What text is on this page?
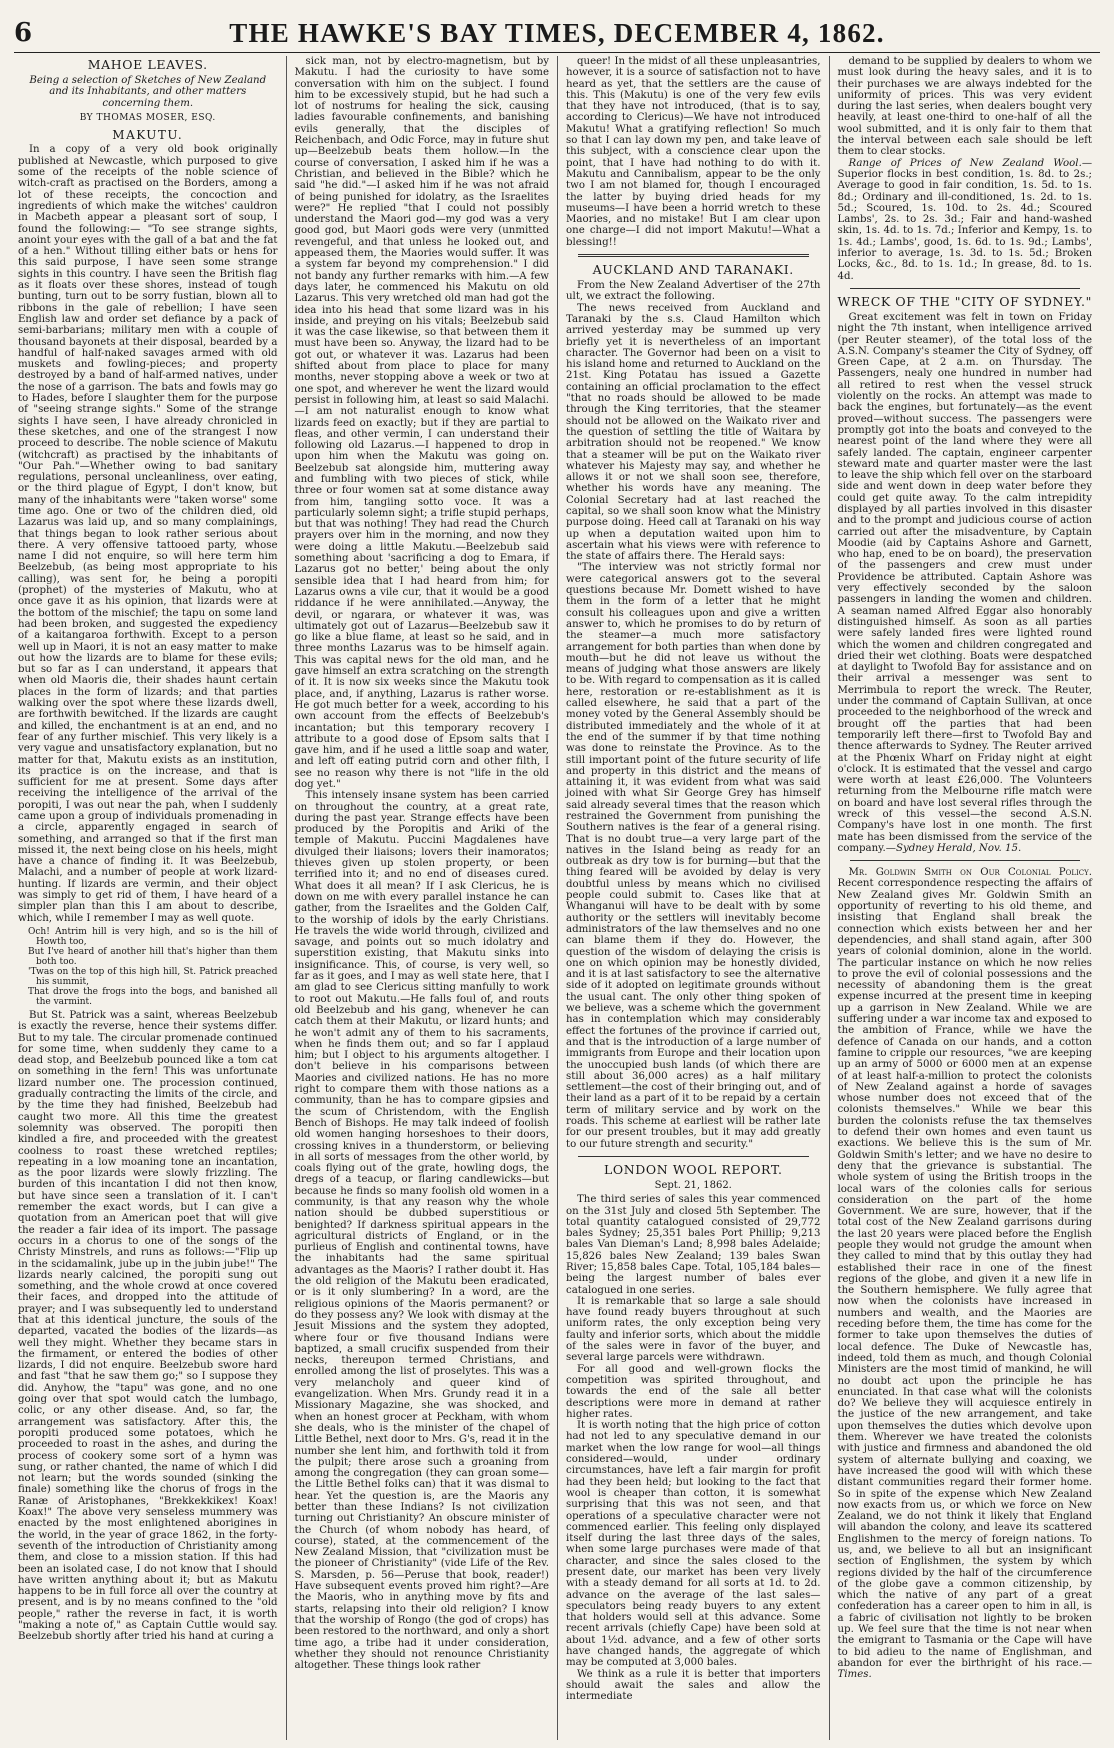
6	THE HAWKE'S BAY TIMES, DECEMBER 4, 1862.
MAHOE LEAVES.
Being a selection of Sketches of New Zealand and its Inhabitants, and other matters concerning them.
BY THOMAS MOSER, ESQ.
MAKUTU.

In a copy of a very old book originally published at Newcastle, which purposed to give some of the receipts of the noble science of witch-craft as practised on the Borders, among a lot of these receipts, the concoction and ingredients of which make the witches' cauldron in Macbeth appear a pleasant sort of soup, I found the following:— "To see strange sights, anoint your eyes with the gall of a bat and the fat of a hen." Without tilling either bats or hens for this said purpose, I have seen some strange sights in this country. I have seen the British flag as it floats over these shores, instead of tough bunting, turn out to be sorry fustian, blown all to ribbons in the gale of rebellion; I have seen English law and order set defiance by a pack of semi-barbarians; military men with a couple of thousand bayonets at their disposal, bearded by a handful of half-naked savages armed with old muskets and fowling-pieces; and property destroyed by a band of half-armed natives, under the nose of a garrison. The bats and fowls may go to Hades, before I slaughter them for the purpose of "seeing strange sights." Some of the strange sights I have seen, I have already chronicled in these sketches, and one of the strangest I now proceed to describe. The noble science of Makutu (witchcraft) as practised by the inhabitants of "Our Pah."—Whether owing to bad sanitary regulations, personal uncleanliness, over eating, or the third plague of Egypt, I don't know, but many of the inhabitants were "taken worse" some time ago. One or two of the children died, old Lazarus was laid up, and so many complainings, that things began to look rather serious about there. A very offensive tattooed party, whose name I did not enquire, so will here term him Beelzebub, (as being most appropriate to his calling), was sent for, he being a poropiti (prophet) of the mysteries of Makutu, who at once gave it as his opinion, that lizards were at the bottom of the mischief; the tapu on some land had been broken, and suggested the expediency of a kaitangaroa forthwith. Except to a person well up in Maori, it is not an easy matter to make out how the lizards are to blame for these evils; but so far as I can understand, it appears that when old Maoris die, their shades haunt certain places in the form of lizards; and that parties walking over the spot where these lizards dwell, are forthwith bewitched. If the lizards are caught and killed, the enchantment is at an end, and no fear of any further mischief. This very likely is a very vague and unsatisfactory explanation, but no matter for that, Makutu exists as an institution, its practice is on the increase, and that is sufficient for me at present. Some days after receiving the intelligence of the arrival of the poropiti, I was out near the pah, when I suddenly came upon a group of individuals promenading in a circle, apparently engaged in search of something, and arranged so that if the first man missed it, the next being close on his heels, might have a chance of finding it. It was Beelzebub, Malachi, and a number of people at work lizard-hunting. If lizards are vermin, and their object was simply to get rid of them, I have heard of a simpler plan than this I am about to describe, which, while I remember I may as well quote.

Och! Antrim hill is very high, and so is the hill of Howth too,
But I've heard of another hill that's higher than them both too.
'Twas on the top of this high hill, St. Patrick preached his summit,
That drove the frogs into the bogs, and banished all the varmint.

But St. Patrick was a saint, whereas Beelzebub is exactly the reverse, hence their systems differ. But to my tale. The circular promenade continued for some time, when suddenly they came to a dead stop, and Beelzebub pounced like a tom cat on something in the fern! This was unfortunate lizard number one. The procession continued, gradually contracting the limits of the circle, and by the time they had finished, Beelzebub had caught two more. All this time the greatest solemnity was observed. The poropiti then kindled a fire, and proceeded with the greatest coolness to roast these wretched reptiles; repeating in a low moaning tone an incantation, as the poor lizards were slowly frizzling. The burden of this incantation I did not then know, but have since seen a translation of it. I can't remember the exact words, but I can give a quotation from an American poet that will give the reader a fair idea of its import. The passage occurs in a chorus to one of the songs of the Christy Minstrels, and runs as follows:—"Flip up in the scidamalink, jube up in the jubin jube!" The lizards nearly calcined, the poropiti sung out something, and the whole crowd at once covered their faces, and dropped into the attitude of prayer; and I was subsequently led to understand that at this identical juncture, the souls of the departed, vacated the bodies of the lizards—as well they might. Whether they became stars in the firmament, or entered the bodies of other lizards, I did not enquire. Beelzebub swore hard and fast "that he saw them go;" so I suppose they did. Anyhow, the "tapu" was gone, and no one going over that spot would catch the lumbago, colic, or any other disease. And, so far, the arrangement was satisfactory. After this, the poropiti produced some potatoes, which he proceeded to roast in the ashes, and during the process of cookery some sort of a hymn was sung, or rather chanted, the name of which I did not learn; but the words sounded (sinking the finale) something like the chorus of frogs in the Ranæ of Aristophanes, "Brekkekkikex! Koax! Koax!" The above very senseless mummery was enacted by the most enlightened aborigines in the world, in the year of grace 1862, in the forty-seventh of the introduction of Christianity among them, and close to a mission station. If this had been an isolated case, I do not know that I should have written anything about it; but as Makutu happens to be in full force all over the country at present, and is by no means confined to the "old people," rather the reverse in fact, it is worth "making a note of," as Captain Cuttle would say. Beelzebub shortly after tried his hand at curing a

sick man, not by electro-magnetism, but by Makutu. I had the curiosity to have some conversation with him on the subject. I found him to be excessively stupid, but he had such a lot of nostrums for healing the sick, causing ladies favourable confinements, and banishing evils generally, that the disciples of Reichenbach, and Odic Force, may in future shut up—Beelzebub beats them hollow.—In the course of conversation, I asked him if he was a Christian, and believed in the Bible? which he said "he did."—I asked him if he was not afraid of being punished for idolatry, as the Israelites were?" He replied "that I could not possibly understand the Maori god—my god was a very good god, but Maori gods were very (unmitted revengeful, and that unless he looked out, and appeased them, the Maories would suffer. It was a system far beyond my comprehension." I did not bandy any further remarks with him.—A few days later, he commenced his Makutu on old Lazarus. This very wretched old man had got the idea into his head that some lizard was in his inside, and preying on his vitals; Beelzebub said it was the case likewise, so that between them it must have been so. Anyway, the lizard had to be got out, or whatever it was. Lazarus had been shifted about from place to place for many months, never stopping above a week or two at one spot, and wherever he went the lizard would persist in following him, at least so said Malachi.—I am not naturalist enough to know what lizards feed on exactly; but if they are partial to fleas, and other vermin, I can understand their following old Lazarus.—I happened to drop in upon him when the Makutu was going on. Beelzebub sat alongside him, muttering away and fumbling with two pieces of stick, while three or four women sat at some distance away from him, tangiing sotto voce. It was a particularly solemn sight; a trifle stupid perhaps, but that was nothing! They had read the Church prayers over him in the morning, and now they were doing a little Makutu.—Beelzebub said something about 'sacrificing a dog to Emara, if Lazarus got no better,' being about the only sensible idea that I had heard from him; for Lazarus owns a vile cur, that it would be a good riddance if he were annihilated.—Anyway, the devil, or ngarara, or whatever it was, was ultimately got out of Lazarus—Beelzebub saw it go like a blue flame, at least so he said, and in three months Lazarus was to be himself again. This was capital news for the old man, and he gave himself an extra scratching on the strength of it. It is now six weeks since the Makutu took place, and, if anything, Lazarus is rather worse. He got much better for a week, according to his own account from the effects of Beelzebub's incantation; but this temporary recovery I attribute to a good dose of Epsom salts that I gave him, and if he used a little soap and water, and left off eating putrid corn and other filth, I see no reason why there is not "life in the old dog yet."

This intensely insane system has been carried on throughout the country, at a great rate, during the past year. Strange effects have been produced by the Poropitis and Ariki of the temple of Makutu. Puccini Magdalenes have divulged their liaisons; lovers their inamoratos; thieves given up stolen property, or been terrified into it; and no end of diseases cured. What does it all mean? If I ask Clericus, he is down on me with every parallel instance he can gather, from the Israelites and the Golden Calf, to the worship of idols by the early Christians. He travels the wide world through, civilized and savage, and points out so much idolatry and superstition existing, that Makutu sinks into insignificance. This, of course, is very well, so far as it goes, and I may as well state here, that I am glad to see Clericus sitting manfully to work to root out Makutu.—He falls foul of, and routs old Beelzebub and his gang, whenever he can catch them at their Makutu, or lizard hunts; and he won't admit any of them to his sacraments, when he finds them out; and so far I applaud him; but I object to his arguments altogether. I don't believe in his comparisons between Maories and civilized nations. He has no more right to compare them with those nations as a community, than he has to compare gipsies and the scum of Christendom, with the English Bench of Bishops. He may talk indeed of foolish old women hanging horseshoes to their doors, crossing knives in a thunderstorm, or believing in all sorts of messages from the other world, by coals flying out of the grate, howling dogs, the dregs of a teacup, or flaring candlewicks—but because he finds so many foolish old women in a community, is that any reason why the whole nation should be dubbed superstitious or benighted? If darkness spiritual appears in the agricultural districts of England, or in the purlieus of English and continental towns, have the inhabitants had the same spiritual advantages as the Maoris? I rather doubt it. Has the old religion of the Makutu been eradicated, or is it only slumbering? In a word, are the religious opinions of the Maoris permanent? or do they possess any? We look with dismay at the Jesuit Missions and the system they adopted, where four or five thousand Indians were baptized, a small crucifix suspended from their necks, thereupon termed Christians, and enrolled among the list of proselytes. This was a very melancholy and queer kind of evangelization. When Mrs. Grundy read it in a Missionary Magazine, she was shocked, and when an honest grocer at Peckham, with whom she deals, who is the minister of the chapel of Little Bethel, next door to Mrs. G's, read it in the number she lent him, and forthwith told it from the pulpit; there arose such a groaning from among the congregation (they can groan some—the Little Bethel folks can) that it was dismal to hear. Yet the question is, are the Maoris any better than these Indians? Is not civilization turning out Christianity? An obscure minister of the Church (of whom nobody has heard, of course), stated, at the commencement of the New Zealand Mission, that "civilization must be the pioneer of Christianity" (vide Life of the Rev. S. Marsden, p. 56—Peruse that book, reader!) Have subsequent events proved him right?—Are the Maoris, who in anything move by fits and starts, relapsing into their old religion? I know that the worship of Rongo (the god of crops) has been restored to the northward, and only a short time ago, a tribe had it under consideration, whether they should not renounce Christianity altogether. These things look rather

queer! In the midst of all these unpleasantries, however, it is a source of satisfaction not to have heard as yet, that the settlers are the cause of this. This (Makutu) is one of the very few evils that they have not introduced, (that is to say, according to Clericus)—We have not introduced Makutu! What a gratifying reflection! So much so that I can lay down my pen, and take leave of this subject, with a conscience clear upon the point, that I have had nothing to do with it. Makutu and Cannibalism, appear to be the only two I am not blamed for, though I encouraged the latter by buying dried heads for my museums—I have been a horrid wretch to these Maories, and no mistake! But I am clear upon one charge—I did not import Makutu!—What a blessing!!

AUCKLAND AND TARANAKI.

From the New Zealand Advertiser of the 27th ult, we extract the following.

The news received from Auckland and Taranaki by the s.s. Claud Hamilton which arrived yesterday may be summed up very briefly yet it is nevertheless of an important character. The Governor had been on a visit to his island home and returned to Auckland on the 21st. King Potatau has issued a Gazette containing an official proclamation to the effect "that no roads should be allowed to be made through the King territories, that the steamer should not be allowed on the Waikato river and the question of settling the title of Waitara by arbitration should not be reopened." We know that a steamer will be put on the Waikato river whatever his Majesty may say, and whether he allows it or not we shall soon see, therefore, whether his words have any meaning. The Colonial Secretary had at last reached the capital, so we shall soon know what the Ministry purpose doing. Heed call at Taranaki on his way up when a deputation waited upon him to ascertain what his views were with reference to the state of affairs there. The Herald says:

"The interview was not strictly formal nor were categorical answers got to the several questions because Mr. Domett wished to have them in the form of a letter that he might consult his colleagues upon and give a written answer to, which he promises to do by return of the steamer—a much more satisfactory arrangement for both parties than when done by mouth—but he did not leave us without the means of judging what those answers are likely to be. With regard to compensation as it is called here, restoration or re-establishment as it is called elsewhere, he said that a part of the money voted by the General Assembly should be distributed immediately and the whole of it at the end of the summer if by that time nothing was done to reinstate the Province. As to the still important point of the future security of life and property in this district and the means of attaining it, it was evident from what was said joined with what Sir George Grey has himself said already several times that the reason which restrained the Government from punishing the Southern natives is the fear of a general rising. That is no doubt true—a very large part of the natives in the Island being as ready for an outbreak as dry tow is for burning—but that the thing feared will be avoided by delay is very doubtful unless by means which no civilised people could submit to. Cases like that at Whanganui will have to be dealt with by some authority or the settlers will inevitably become administrators of the law themselves and no one can blame them if they do. However, the question of the wisdom of delaying the crisis is one on which opinion may be honestly divided, and it is at last satisfactory to see the alternative side of it adopted on legitimate grounds without the usual cant. The only other thing spoken of we believe, was a scheme which the government has in contemplation which may considerably effect the fortunes of the province if carried out, and that is the introduction of a large number of immigrants from Europe and their location upon the unoccupied bush lands (of which there are still about 36,000 acres) as a half military settlement—the cost of their bringing out, and of their land as a part of it to be repaid by a certain term of military service and by work on the roads. This scheme at earliest will be rather late for our present troubles, but it may add greatly to our future strength and security."

LONDON WOOL REPORT.
Sept. 21, 1862.

The third series of sales this year commenced on the 31st July and closed 5th September. The total quantity catalogued consisted of 29,772 bales Sydney; 25,351 bales Port Phillip; 9,213 bales Van Dieman's Land; 8,998 bales Adelaide; 15,826 bales New Zealand; 139 bales Swan River; 15,858 bales Cape. Total, 105,184 bales—being the largest number of bales ever catalogued in one series.

It is remarkable that so large a sale should have found ready buyers throughout at such uniform rates, the only exception being very faulty and inferior sorts, which about the middle of the sales were in favor of the buyer, and several large parcels were withdrawn.

For all good and well-grown flocks the competition was spirited throughout, and towards the end of the sale all better descriptions were more in demand at rather higher rates.

It is worth noting that the high price of cotton had not led to any speculative demand in our market when the low range for wool—all things considered—would, under ordinary circumstances, have left a fair margin for profit had they been held; but looking to the fact that wool is cheaper than cotton, it is somewhat surprising that this was not seen, and that operations of a speculative character were not commenced earlier. This feeling only displayed itself during the last three days of the sales, when some large purchases were made of that character, and since the sales closed to the present date, our market has been very lively with a steady demand for all sorts at 1d. to 2d. advance on the average of the last sales—speculators being ready buyers to any extent that holders would sell at this advance. Some recent arrivals (chiefly Cape) have been sold at about 1½d. advance, and a few of other sorts have changed hands, the aggregate of which may be computed at 3,000 bales.

We think as a rule it is better that importers should await the sales and allow the intermediate

demand to be supplied by dealers to whom we must look during the heavy sales, and it is to their purchases we are always indebted for the uniformity of prices. This was very evident during the last series, when dealers bought very heavily, at least one-third to one-half of all the wool submitted, and it is only fair to them that the interval between each sale should be left them to clear stocks.

Range of Prices of New Zealand Wool.—Superior flocks in best condition, 1s. 8d. to 2s.; Average to good in fair condition, 1s. 5d. to 1s. 8d.; Ordinary and ill-conditioned, 1s. 2d. to 1s. 5d.; Scoured, 1s. 10d. to 2s. 4d.; Scoured Lambs', 2s. to 2s. 3d.; Fair and hand-washed skin, 1s. 4d. to 1s. 7d.; Inferior and Kempy, 1s. to 1s. 4d.; Lambs', good, 1s. 6d. to 1s. 9d.; Lambs', inferior to average, 1s. 3d. to 1s. 5d.; Broken Locks, &c., 8d. to 1s. 1d.; In grease, 8d. to 1s. 4d.

WRECK OF THE "CITY OF SYDNEY."

Great excitement was felt in town on Friday night the 7th instant, when intelligence arrived (per Reuter steamer), of the total loss of the A.S.N. Company's steamer the City of Sydney, off Green Cape, at 2 a.m. on Thursday. The Passengers, nealy one hundred in number had all retired to rest when the vessel struck violently on the rocks. An attempt was made to back the engines, but fortunately—as the event proved—without success. The passengers were promptly got into the boats and conveyed to the nearest point of the land where they were all safely landed. The captain, engineer carpenter steward mate and quarter master were the last to leave the ship which fell over on the starboard side and went down in deep water before they could get quite away. To the calm intrepidity displayed by all parties involved in this disaster and to the prompt and judicious course of action carried out after the misadventure, by Captain Moodie (aid by Captains Ashore and Garnett, who hap, ened to be on board), the preservation of the passengers and crew must under Providence be attributed. Captain Ashore was very effectively seconded by the saloon passengers in landing the women and children. A seaman named Alfred Eggar also honorably distinguished himself. As soon as all parties were safely landed fires were lighted round which the women and children congregated and dried their wet clothing. Boats were despatched at daylight to Twofold Bay for assistance and on their arrival a messenger was sent to Merrimbula to report the wreck. The Reuter, under the command of Captain Sullivan, at once proceeded to the neighborhood of the wreck and brought off the parties that had been temporarily left there—first to Twofold Bay and thence afterwards to Sydney. The Reuter arrived at the Phœnix Wharf on Friday night at eight o'clock. It is estimated that the vessel and cargo were worth at least £26,000. The Volunteers returning from the Melbourne rifle match were on board and have lost several rifles through the wreck of this vessel—the second A.S.N. Company's have lost in one month. The first mate has been dismissed from the service of the company.—Sydney Herald, Nov. 15.

Mr. Goldwin Smith on Our Colonial Policy. Recent correspondence respecting the affairs of New Zealand gives Mr. Goldwin Smith an opportunity of reverting to his old theme, and insisting that England shall break the connection which exists between her and her dependencies, and shall stand again, after 300 years of colonial dominion, alone in the world. The particular instance on which he now relies to prove the evil of colonial possessions and the necessity of abandoning them is the great expense incurred at the present time in keeping up a garrison in New Zealand. While we are suffering under a war income tax and exposed to the ambition of France, while we have the defence of Canada on our hands, and a cotton famine to cripple our resources, "we are keeping up an army of 5000 or 6000 men at an expense of at least half-a-million to protect the colonists of New Zealand against a horde of savages whose number does not exceed that of the colonists themselves." While we bear this burden the colonists refuse the tax themselves to defend their own homes and even taunt us exactions. We believe this is the sum of Mr. Goldwin Smith's letter; and we have no desire to deny that the grievance is substantial. The whole system of using the British troops in the local wars of the colonies calls for serious consideration on the part of the home Government. We are sure, however, that if the total cost of the New Zealand garrisons during the last 20 years were placed before the English people they would not grudge the amount when they called to mind that by this outlay they had established their race in one of the finest regions of the globe, and given it a new life in the Southern hemisphere. We fully agree that now when the colonists have increased in numbers and wealth, and the Maories are receding before them, the time has come for the former to take upon themselves the duties of local defence. The Duke of Newcastle has, indeed, told them as much, and though Colonial Ministers are the most timid of mankind, he will no doubt act upon the principle he has enunciated. In that case what will the colonists do? We believe they will acquiesce entirely in the justice of the new arrangement, and take upon themselves the duties which devolve upon them. Wherever we have treated the colonists with justice and firmness and abandoned the old system of alternate bullying and coaxing, we have increased the good will with which these distant communities regard their former home. So in spite of the expense which New Zealand now exacts from us, or which we force on New Zealand, we do not think it likely that England will abandon the colony, and leave its scattered Englishmen to the mercy of foreign nations. To us, and, we believe to all but an insignificant section of Englishmen, the system by which regions divided by the half of the circumference of the globe gave a common citizenship, by which the native of any part of a great confederation has a career open to him in all, is a fabric of civilisation not lightly to be broken up. We feel sure that the time is not near when the emigrant to Tasmania or the Cape will have to bid adieu to the name of Englishman, and abandon for ever the birthright of his race.—Times.
